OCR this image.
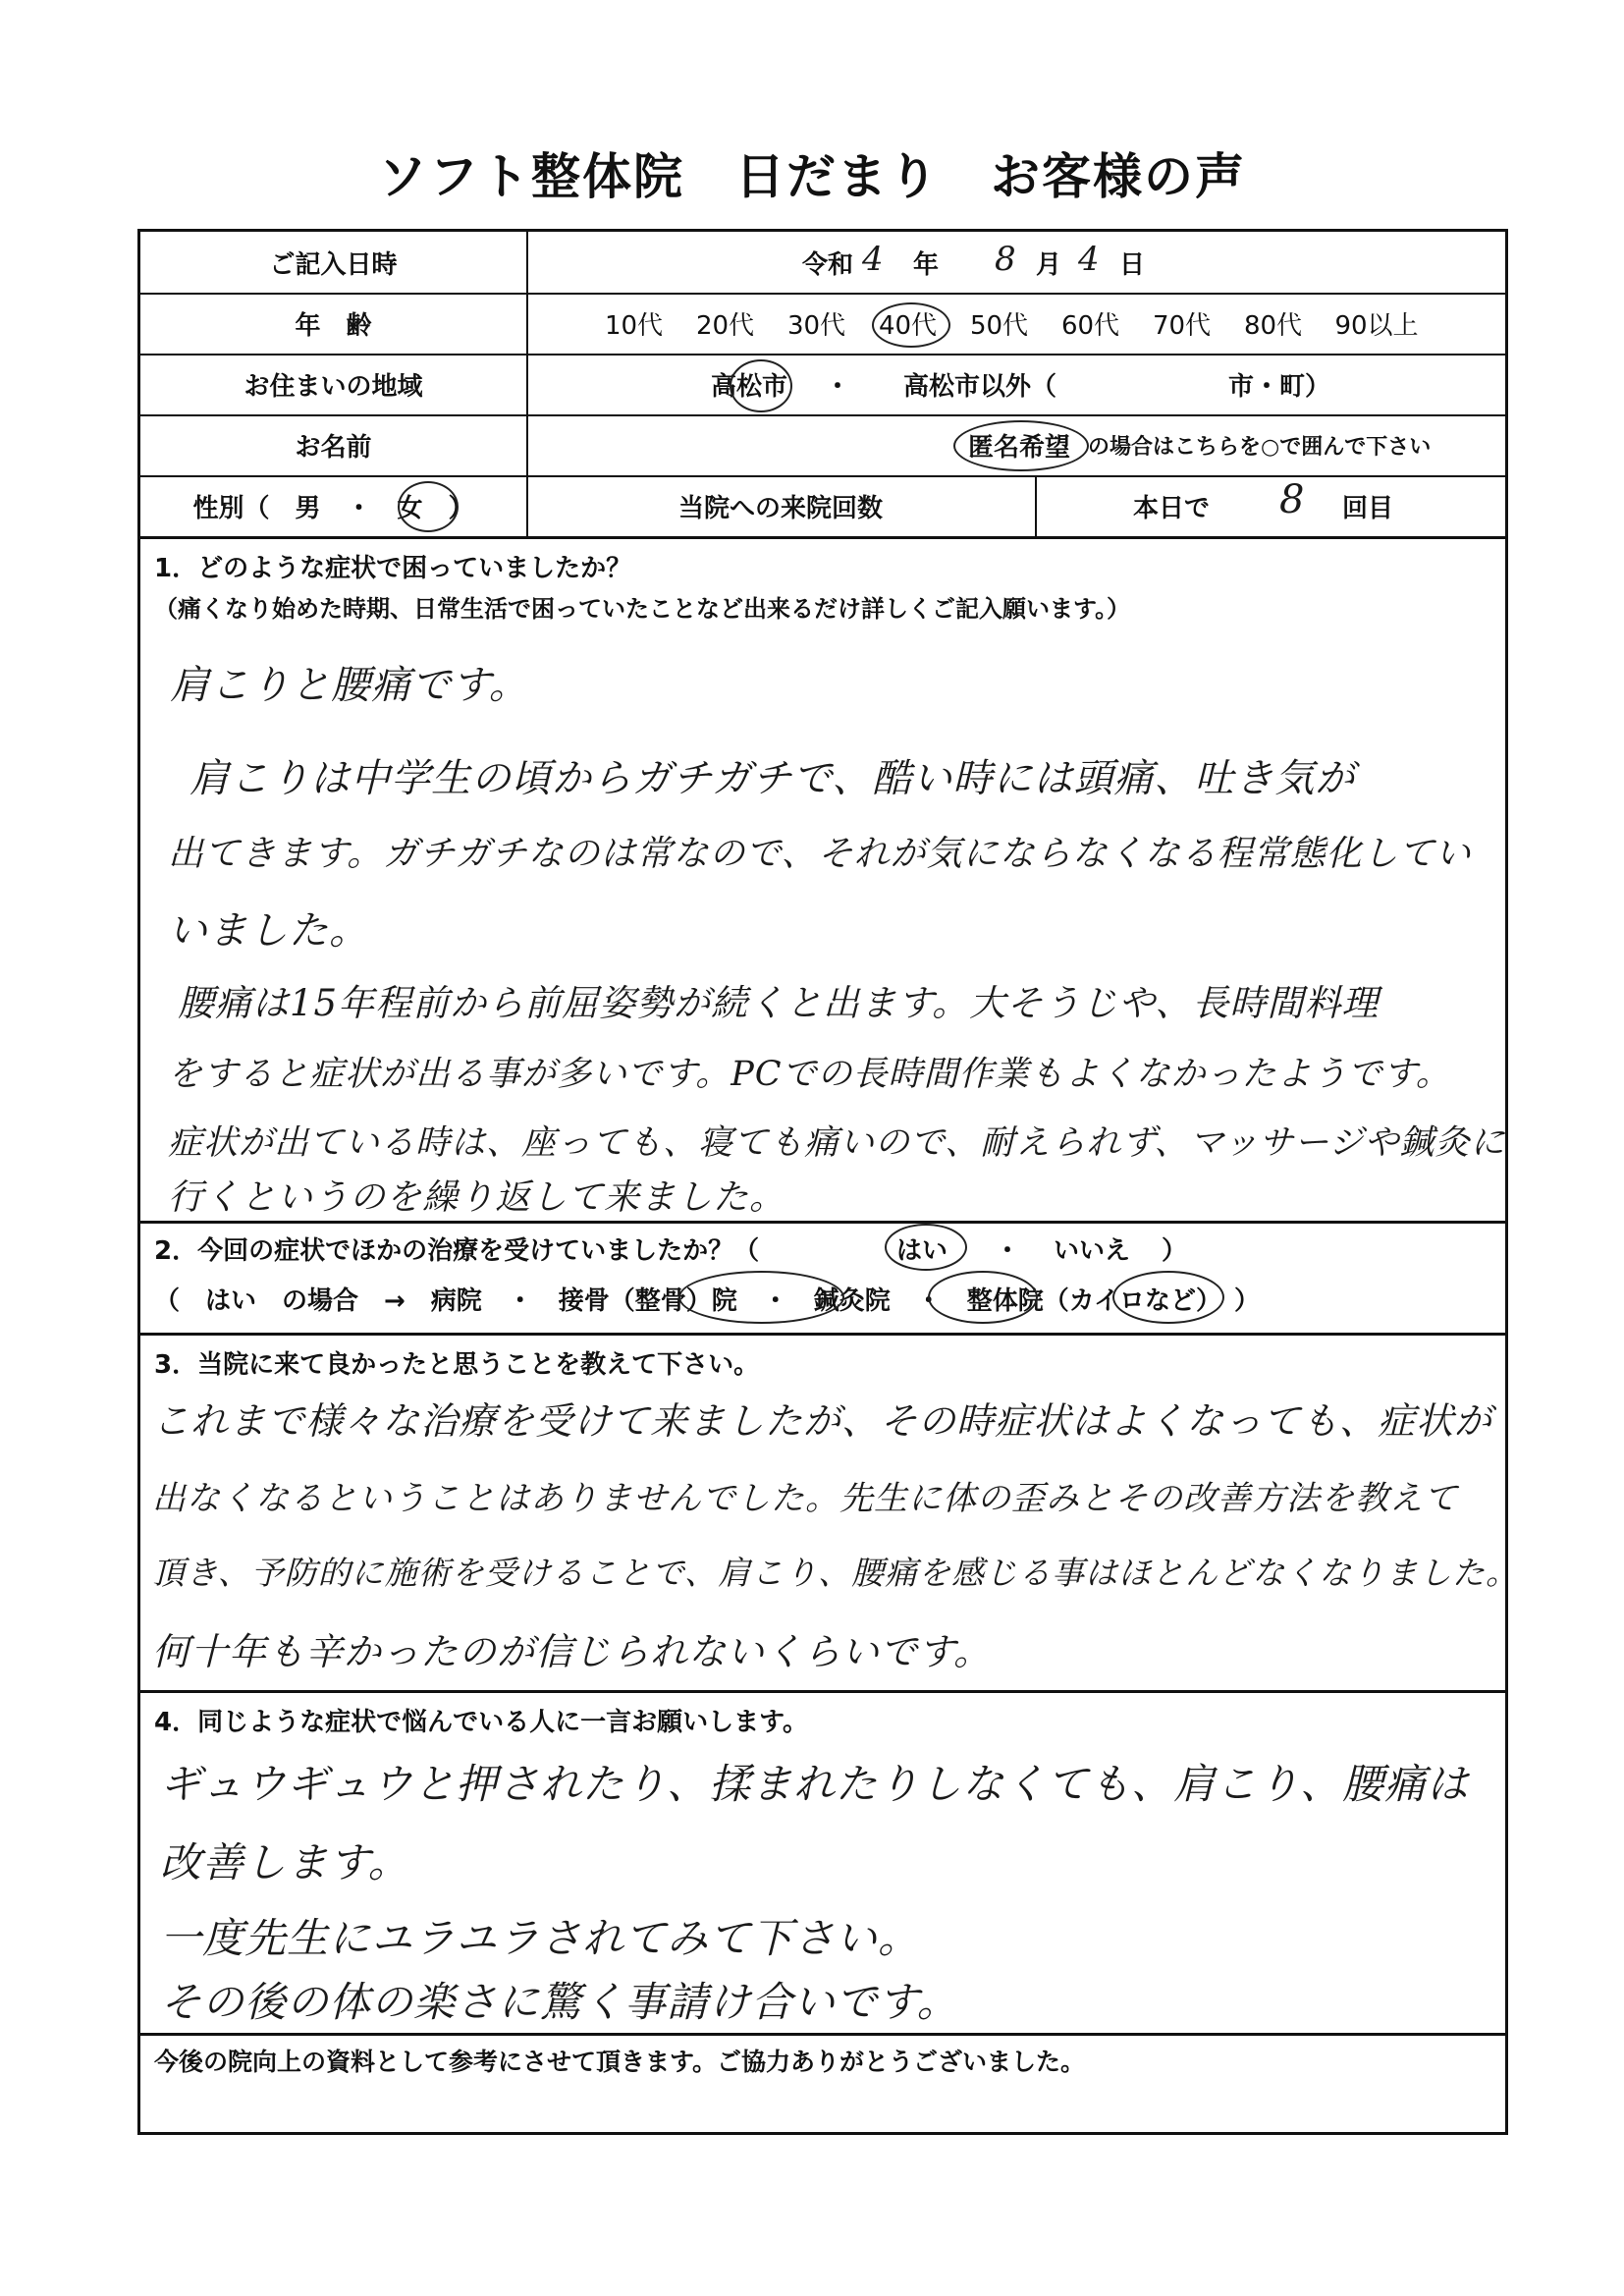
ソフト整体院　日だまり　お客様の声
ご記入日時	令和 4 年 8 月 4 日
年　齢	10代	20代	30代	40代	50代	60代	70代	80代	90以上
お住まいの地域	高松市	・	高松市以外（	市・町）
お名前	匿名希望 の場合はこちらを○で囲んで下さい
性別（　男　・　女　）	当院への来院回数	本日で 8	回目
1．どのような症状で困っていましたか？
（痛くなり始めた時期、日常生活で困っていたことなど出来るだけ詳しくご記入願います。）
肩こりと腰痛です。
肩こりは中学生の頃からガチガチで、酷い時には頭痛、吐き気が
出てきます。ガチガチなのは常なので、それが気にならなくなる程常態化してい
いました。
腰痛は15年程前から前屈姿勢が続くと出ます。大そうじや、長時間料理
をすると症状が出る事が多いです。PCでの長時間作業もよくなかったようです。
症状が出ている時は、座っても、寝ても痛いので、耐えられず、マッサージや鍼灸に
行くというのを繰り返して来ました。
2．今回の症状でほかの治療を受けていましたか？（	はい ・ いいえ ）
（　はい　の場合　→　病院　・　接骨（整骨）院　・　鍼灸院　・　整体院（カイロなど）　）
3．当院に来て良かったと思うことを教えて下さい。
これまで様々な治療を受けて来ましたが、その時症状はよくなっても、症状が
出なくなるということはありませんでした。先生に体の歪みとその改善方法を教えて
頂き、予防的に施術を受けることで、肩こり、腰痛を感じる事はほとんどなくなりました。
何十年も辛かったのが信じられないくらいです。
4．同じような症状で悩んでいる人に一言お願いします。
ギュウギュウと押されたり、揉まれたりしなくても、肩こり、腰痛は
改善します。
一度先生にユラユラされてみて下さい。
その後の体の楽さに驚く事請け合いです。
今後の院向上の資料として参考にさせて頂きます。ご協力ありがとうございました。
